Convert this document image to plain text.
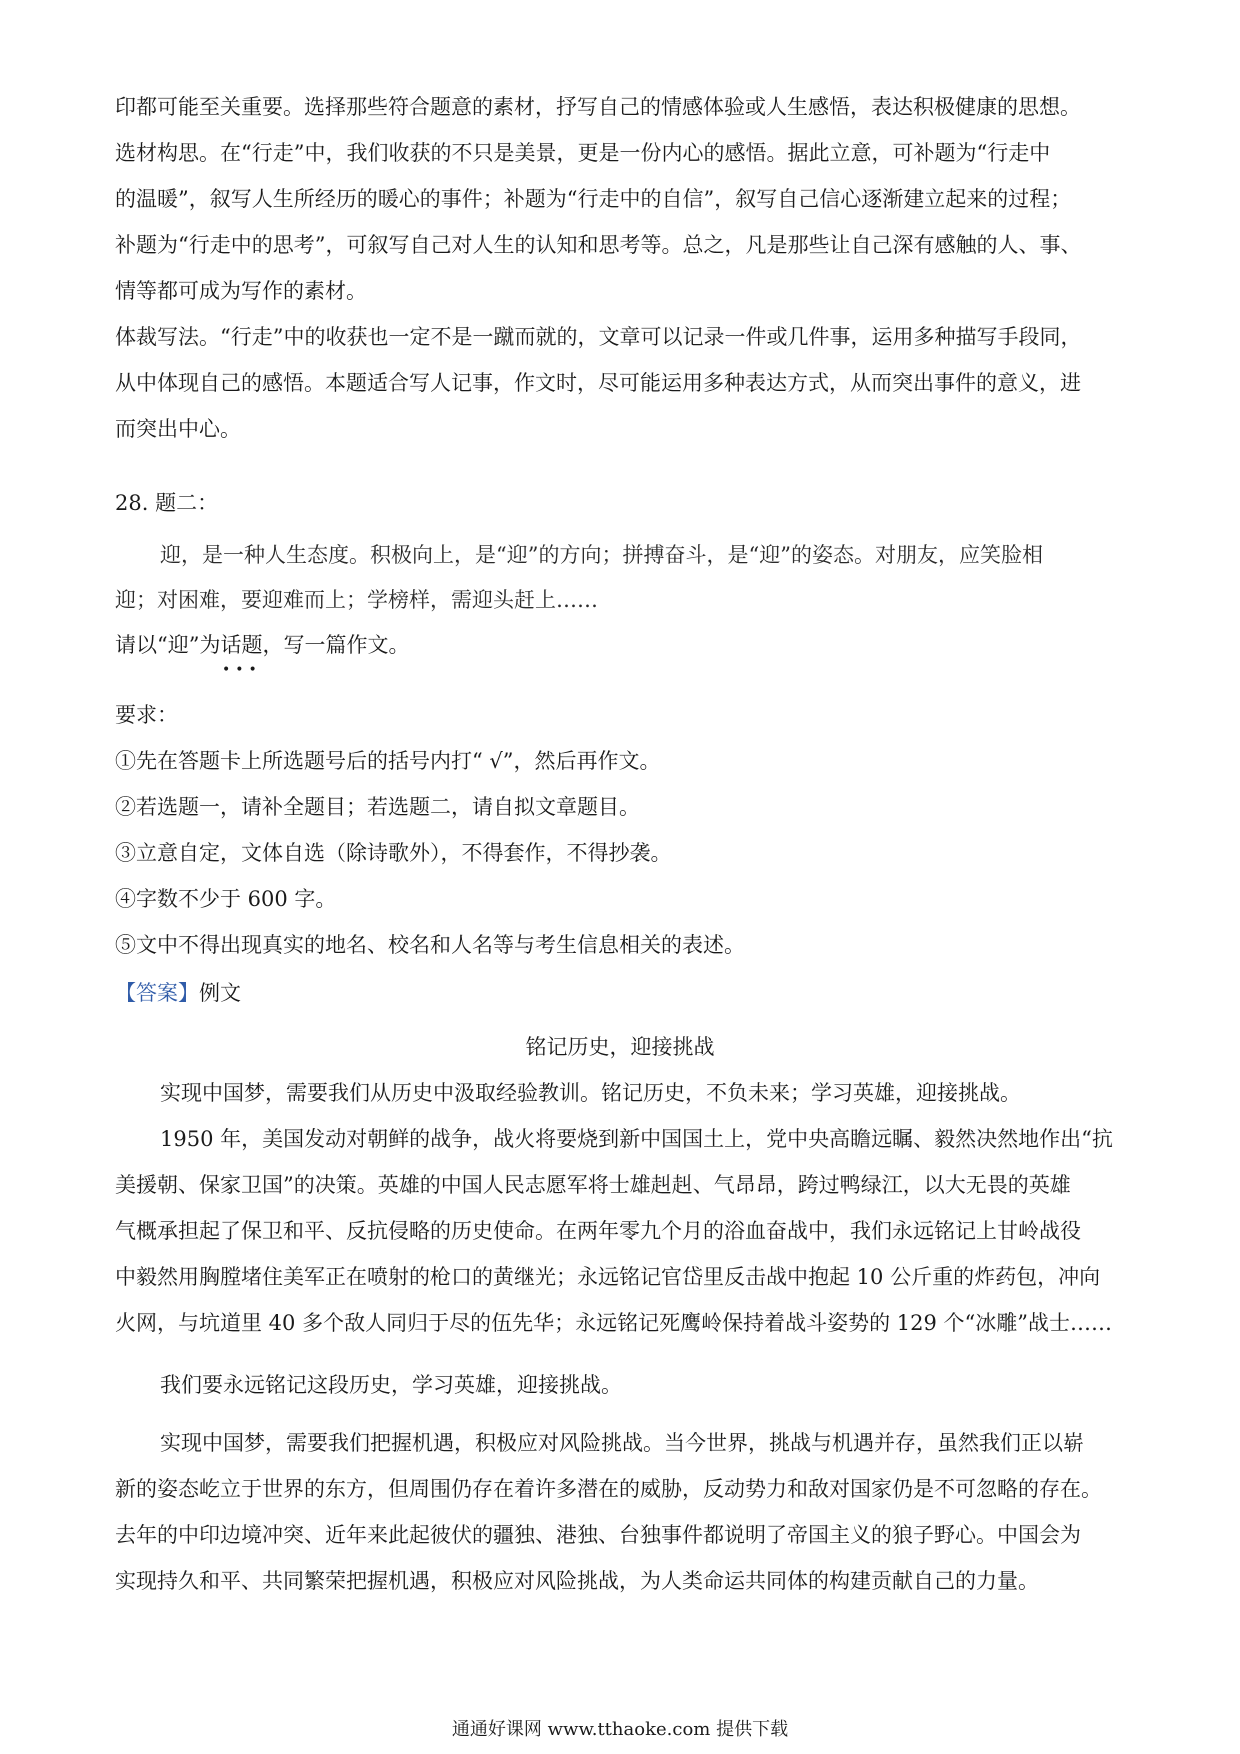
印都可能至关重要。选择那些符合题意的素材，抒写自己的情感体验或人生感悟，表达积极健康的思想。
选材构思。在“行走”中，我们收获的不只是美景，更是一份内心的感悟。据此立意，可补题为“行走中
的温暖”，叙写人生所经历的暖心的事件；补题为“行走中的自信”，叙写自己信心逐渐建立起来的过程；
补题为“行走中的思考”，可叙写自己对人生的认知和思考等。总之，凡是那些让自己深有感触的人、事、
情等都可成为写作的素材。
体裁写法。“行走”中的收获也一定不是一蹴而就的，文章可以记录一件或几件事，运用多种描写手段同，
从中体现自己的感悟。本题适合写人记事，作文时，尽可能运用多种表达方式，从而突出事件的意义，进
而突出中心。
28. 题二：
迎，是一种人生态度。积极向上，是“迎”的方向；拼搏奋斗，是“迎”的姿态。对朋友，应笑脸相
迎；对困难，要迎难而上；学榜样，需迎头赶上……
请以“迎”为话题，写一篇作文。
•••
要求：
①先在答题卡上所选题号后的括号内打“ √”，然后再作文。
②若选题一，请补全题目；若选题二，请自拟文章题目。
③立意自定，文体自选（除诗歌外），不得套作，不得抄袭。
④字数不少于 600 字。
⑤文中不得出现真实的地名、校名和人名等与考生信息相关的表述。
【答案】例文
铭记历史，迎接挑战
实现中国梦，需要我们从历史中汲取经验教训。铭记历史，不负未来；学习英雄，迎接挑战。
1950 年，美国发动对朝鲜的战争，战火将要烧到新中国国土上，党中央高瞻远瞩、毅然决然地作出“抗
美援朝、保家卫国”的决策。英雄的中国人民志愿军将士雄赳赳、气昂昂，跨过鸭绿江，以大无畏的英雄
气概承担起了保卫和平、反抗侵略的历史使命。在两年零九个月的浴血奋战中，我们永远铭记上甘岭战役
中毅然用胸膛堵住美军正在喷射的枪口的黄继光；永远铭记官岱里反击战中抱起 10 公斤重的炸药包，冲向
火网，与坑道里 40 多个敌人同归于尽的伍先华；永远铭记死鹰岭保持着战斗姿势的 129 个“冰雕”战士……
我们要永远铭记这段历史，学习英雄，迎接挑战。
实现中国梦，需要我们把握机遇，积极应对风险挑战。当今世界，挑战与机遇并存，虽然我们正以崭
新的姿态屹立于世界的东方，但周围仍存在着许多潜在的威胁，反动势力和敌对国家仍是不可忽略的存在。
去年的中印边境冲突、近年来此起彼伏的疆独、港独、台独事件都说明了帝国主义的狼子野心。中国会为
实现持久和平、共同繁荣把握机遇，积极应对风险挑战，为人类命运共同体的构建贡献自己的力量。
通通好课网 www.tthaoke.com 提供下载
